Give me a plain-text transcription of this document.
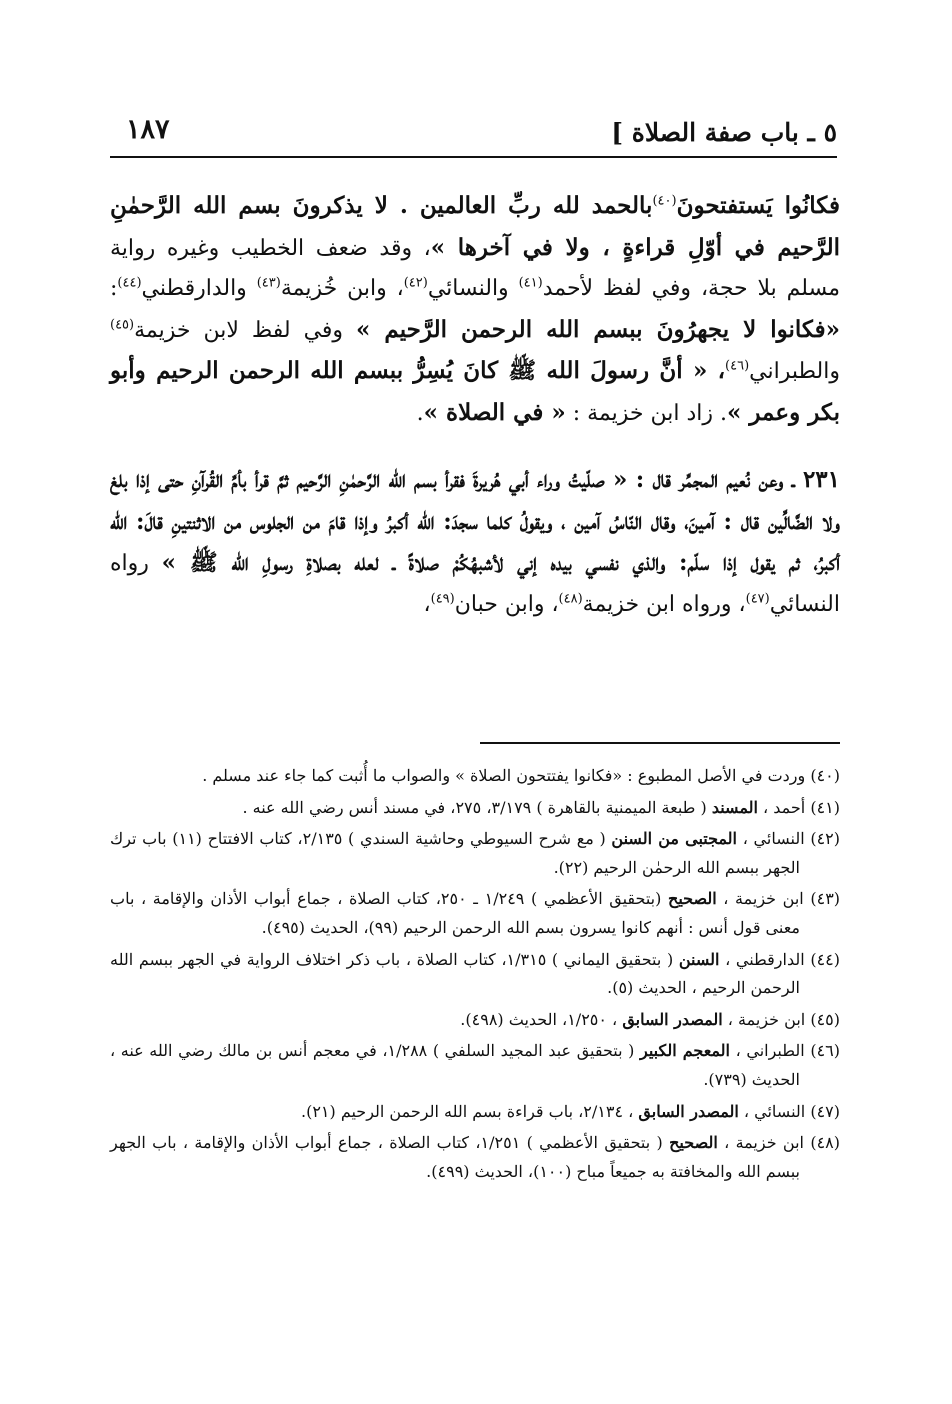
٥ ـ باب صفة الصلاة ]
١٨٧

فكانُوا يَستفتحونَ$^{(٤٠)}$بالحمد لله ربِّ العالمين . لا يذكرونَ بسم الله الرَّحمٰنِ الرَّحيم في أوّلِ قراءةٍ ، ولا في آخرها »، وقد ضعف الخطيب وغيره رواية مسلم بلا حجة، وفي لفظ لأحمد$^{(٤١)}$ والنسائي$^{(٤٢)}$، وابن خُزيمة$^{(٤٣)}$ والدارقطني$^{(٤٤)}$: «فكانوا لا يجهرُونَ ببسم الله الرحمن الرَّحيم » وفي لفظ لابن خزيمة$^{(٤٥)}$ والطبراني$^{(٤٦)}$، « أنَّ رسولَ الله ﷺ كانَ يُسِرُّ ببسم الله الرحمن الرحيم وأبو بكر وعمر ». زاد ابن خزيمة : « في الصلاة ».

٢٣١ ـ وعن نُعيم المجمِّر قال : « صلّيتُ وراء أبي هُريرةَ فقرأ بسم الله الرَّحمٰنِ الرَّحيم ثمَّ قرأ بأمِّ القُرآنِ حتى إذا بلغ ولا الضَّالِّين قال : آمينَ، وقال النّاسُ آمين ، ويقولُ كلما سجدَ: الله أكبرُ وإذا قامَ من الجلوس من الاثنتينِ قالَ: الله أكبرُ، ثم يقول إذا سلّم: والذي نفسي بيده إني لأشبهُكُمْ صلاةً ـ لعله بصلاةِ رسولِ الله ﷺ » رواه النسائي$^{(٤٧)}$، ورواه ابن خزيمة$^{(٤٨)}$، وابن حبان$^{(٤٩)}$،

(٤٠) وردت في الأصل المطبوع : «فكانوا يفتتحون الصلاة » والصواب ما أُثبت كما جاء عند مسلم .

(٤١) أحمد ، المسند ( طبعة الميمنية بالقاهرة ) ٣/١٧٩، ٢٧٥، في مسند أنس رضي الله عنه .

(٤٢) النسائي ، المجتبى من السنن ( مع شرح السيوطي وحاشية السندي ) ٢/١٣٥، كتاب الافتتاح (١١) باب ترك الجهر ببسم الله الرحمٰن الرحيم (٢٢).

(٤٣) ابن خزيمة ، الصحيح (بتحقيق الأعظمي ) ١/٢٤٩ ـ ٢٥٠، كتاب الصلاة ، جماع أبواب الأذان والإقامة ، باب معنى قول أنس : أنهم كانوا يسرون بسم الله الرحمن الرحيم (٩٩)، الحديث (٤٩٥).

(٤٤) الدارقطني ، السنن ( بتحقيق اليماني ) ١/٣١٥، كتاب الصلاة ، باب ذكر اختلاف الرواية في الجهر ببسم الله الرحمن الرحيم ، الحديث (٥).

(٤٥) ابن خزيمة ، المصدر السابق ، ١/٢٥٠، الحديث (٤٩٨).

(٤٦) الطبراني ، المعجم الكبير ( بتحقيق عبد المجيد السلفي ) ١/٢٨٨، في معجم أنس بن مالك رضي الله عنه ، الحديث (٧٣٩).

(٤٧) النسائي ، المصدر السابق ، ٢/١٣٤، باب قراءة بسم الله الرحمن الرحيم (٢١).

(٤٨) ابن خزيمة ، الصحيح ( بتحقيق الأعظمي ) ١/٢٥١، كتاب الصلاة ، جماع أبواب الأذان والإقامة ، باب الجهر ببسم الله والمخافتة به جميعاً مباح (١٠٠)، الحديث (٤٩٩).
